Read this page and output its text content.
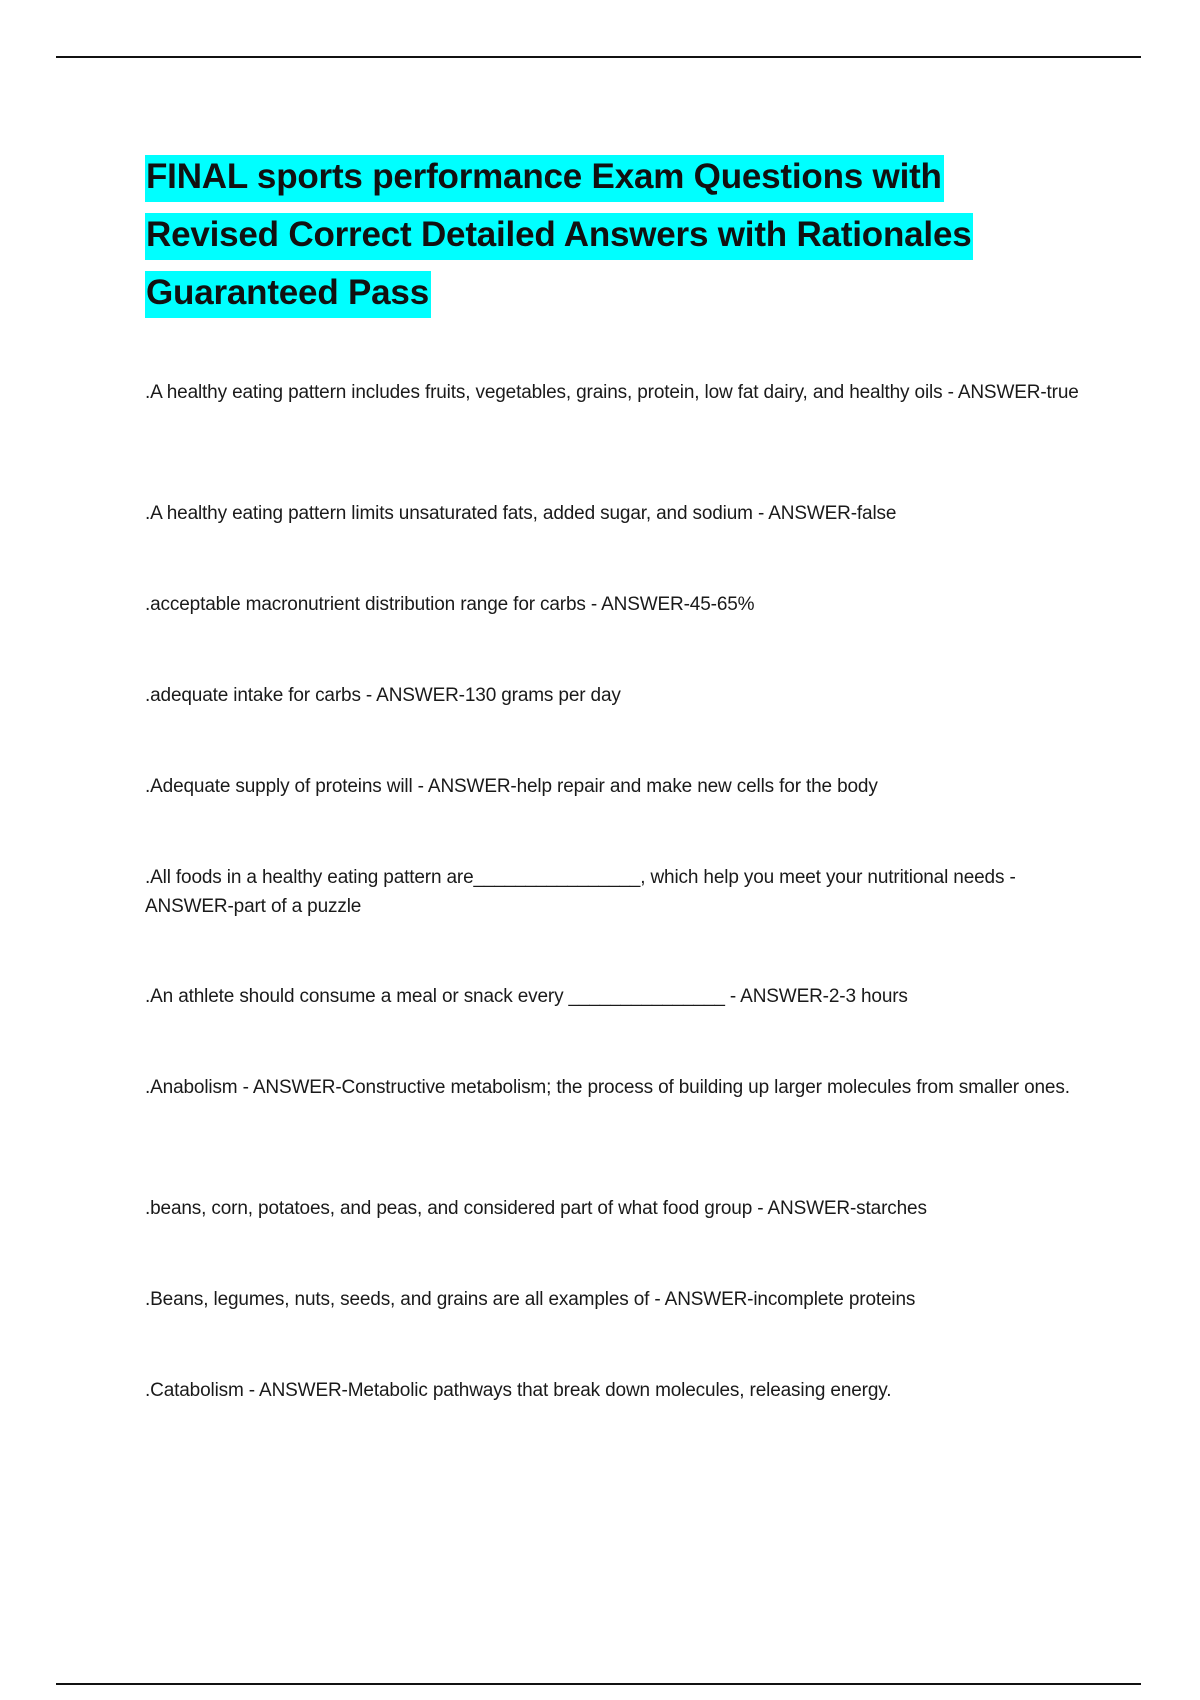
FINAL sports performance Exam Questions with Revised Correct Detailed Answers with Rationales Guaranteed Pass
.A healthy eating pattern includes fruits, vegetables, grains, protein, low fat dairy, and healthy oils - ANSWER-true
.A healthy eating pattern limits unsaturated fats, added sugar, and sodium - ANSWER-false
.acceptable macronutrient distribution range for carbs - ANSWER-45-65%
.adequate intake for carbs - ANSWER-130 grams per day
.Adequate supply of proteins will - ANSWER-help repair and make new cells for the body
.All foods in a healthy eating pattern are________________, which help you meet your nutritional needs - ANSWER-part of a puzzle
.An athlete should consume a meal or snack every _______________ - ANSWER-2-3 hours
.Anabolism - ANSWER-Constructive metabolism; the process of building up larger molecules from smaller ones.
.beans, corn, potatoes, and peas, and considered part of what food group - ANSWER-starches
.Beans, legumes, nuts, seeds, and grains are all examples of - ANSWER-incomplete proteins
.Catabolism - ANSWER-Metabolic pathways that break down molecules, releasing energy.
